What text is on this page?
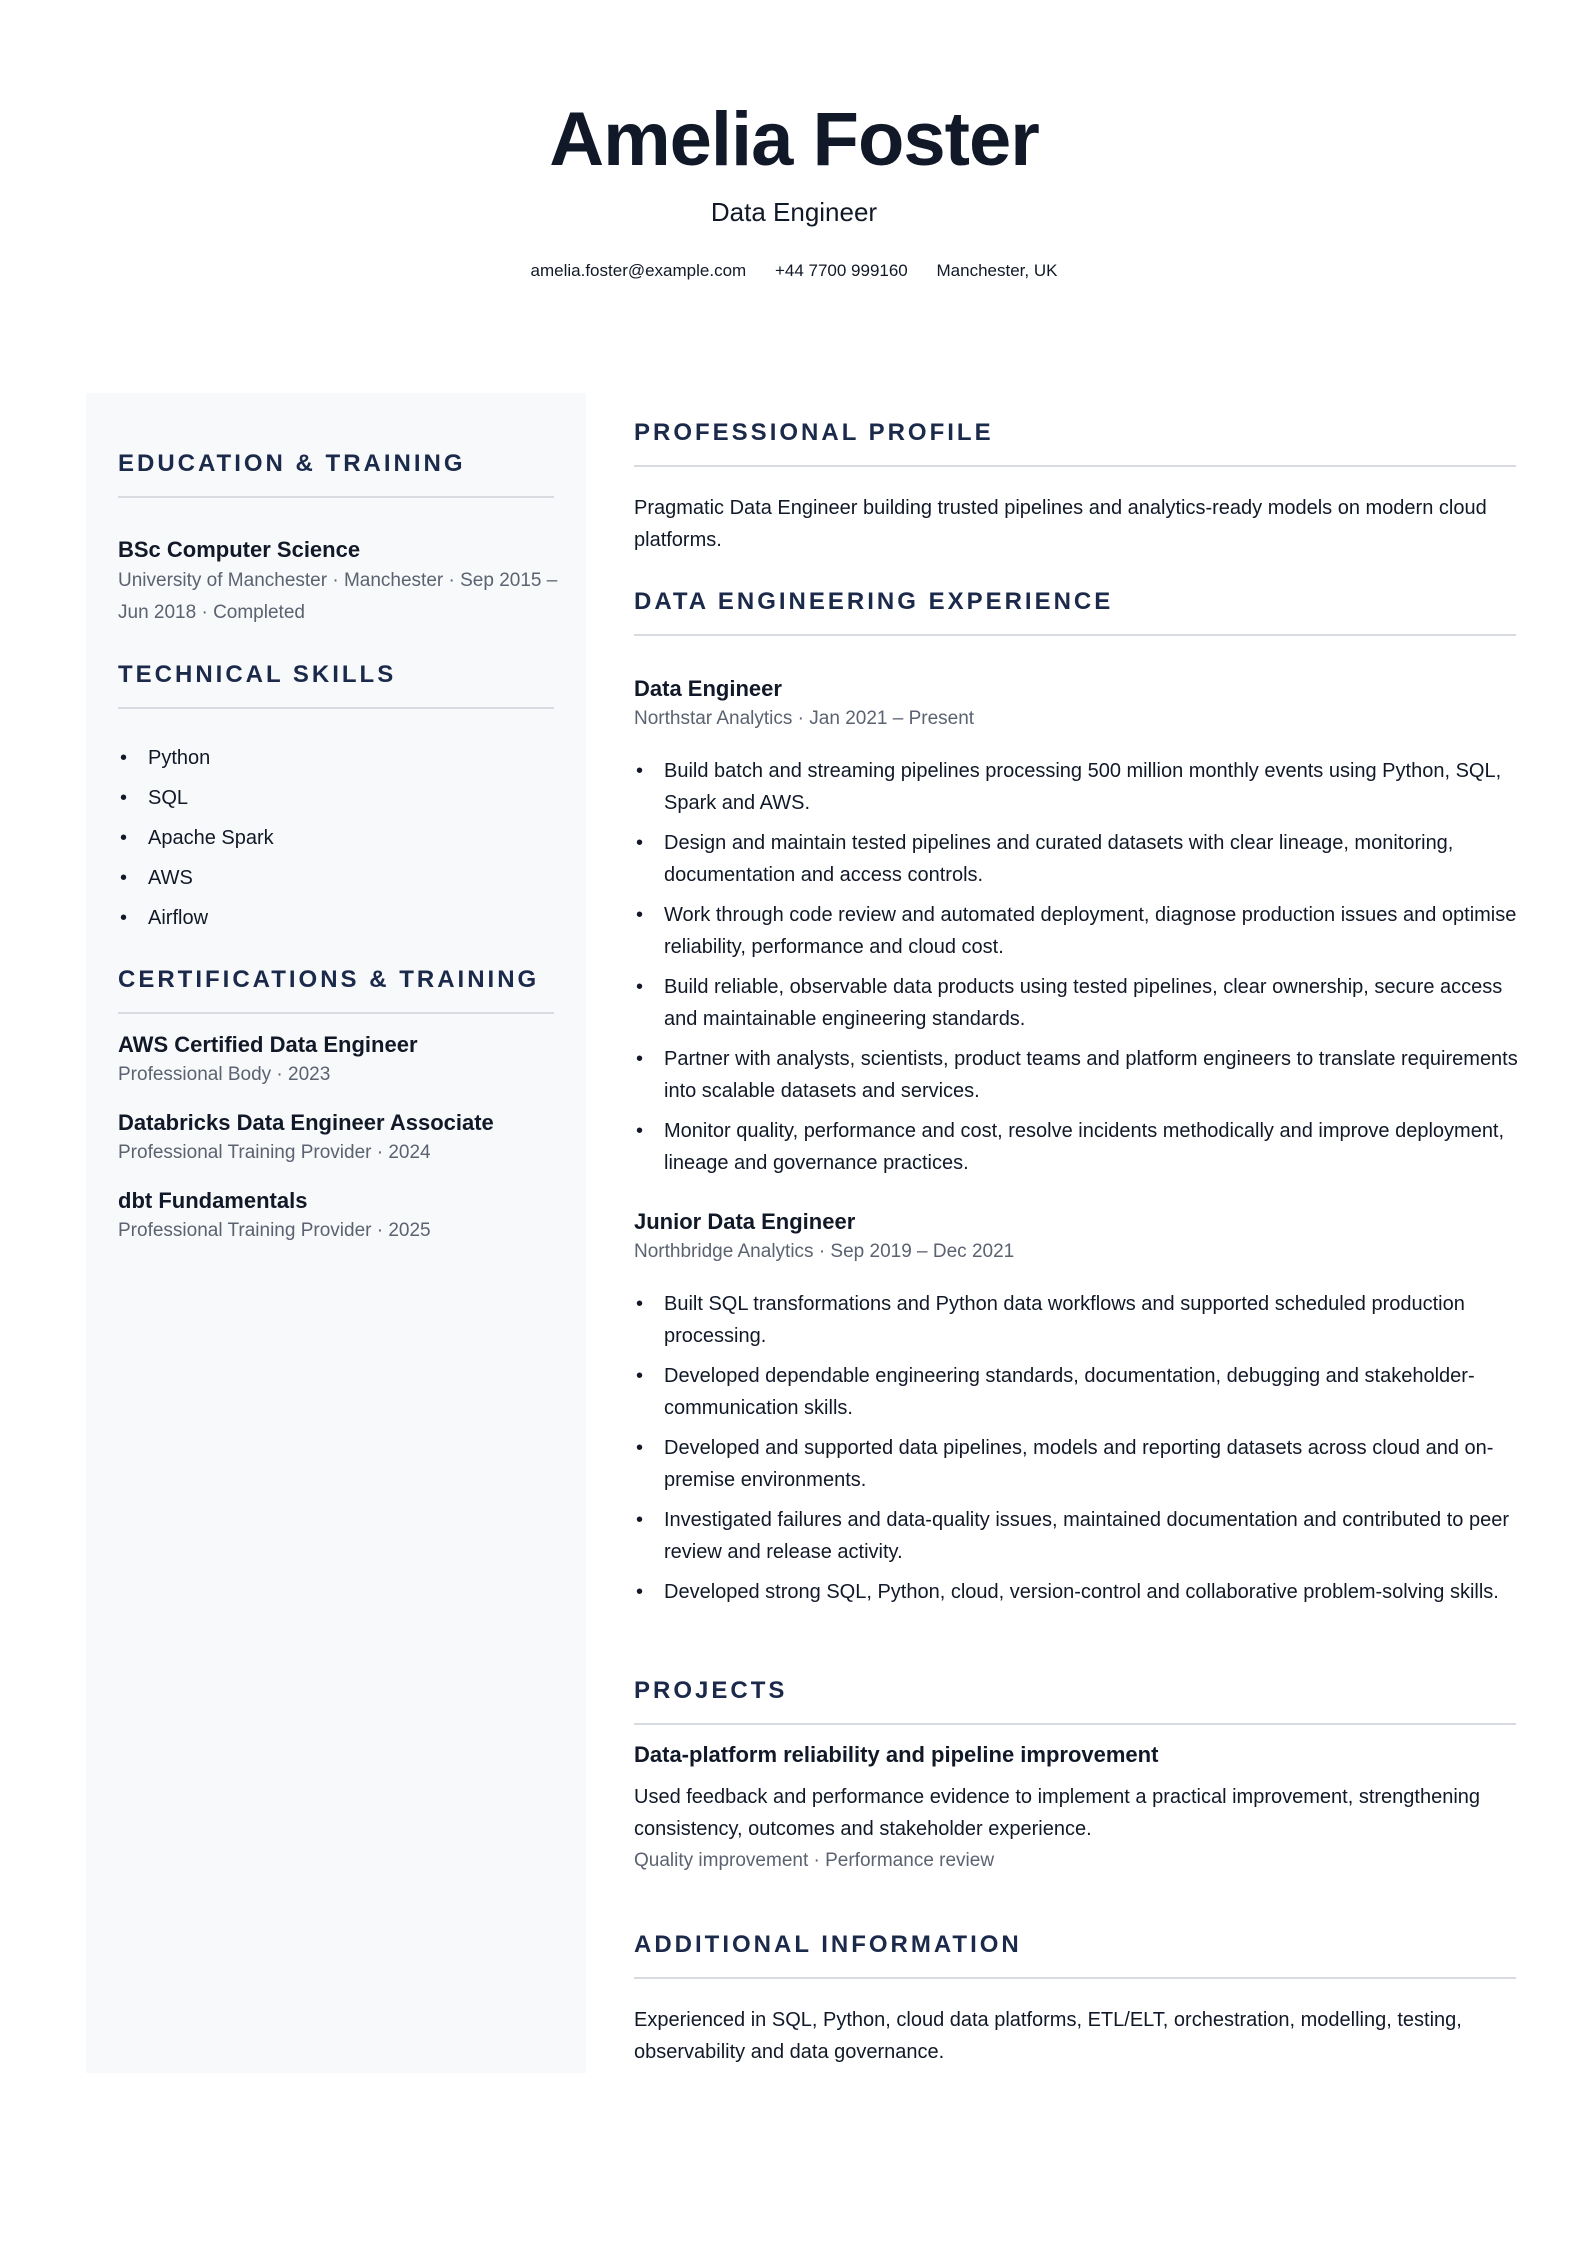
Amelia Foster
Data Engineer
amelia.foster@example.com +44 7700 999160 Manchester, UK
EDUCATION & TRAINING
BSc Computer Science
University of Manchester · Manchester · Sep 2015 – Jun 2018 · Completed
TECHNICAL SKILLS
• Python
• SQL
• Apache Spark
• AWS
• Airflow
CERTIFICATIONS & TRAINING
AWS Certified Data Engineer
Professional Body · 2023
Databricks Data Engineer Associate
Professional Training Provider · 2024
dbt Fundamentals
Professional Training Provider · 2025
PROFESSIONAL PROFILE
Pragmatic Data Engineer building trusted pipelines and analytics-ready models on modern cloud platforms.
DATA ENGINEERING EXPERIENCE
Data Engineer
Northstar Analytics · Jan 2021 – Present
• Build batch and streaming pipelines processing 500 million monthly events using Python, SQL, Spark and AWS.
• Design and maintain tested pipelines and curated datasets with clear lineage, monitoring, documentation and access controls.
• Work through code review and automated deployment, diagnose production issues and optimise reliability, performance and cloud cost.
• Build reliable, observable data products using tested pipelines, clear ownership, secure access and maintainable engineering standards.
• Partner with analysts, scientists, product teams and platform engineers to translate requirements into scalable datasets and services.
• Monitor quality, performance and cost, resolve incidents methodically and improve deployment, lineage and governance practices.
Junior Data Engineer
Northbridge Analytics · Sep 2019 – Dec 2021
• Built SQL transformations and Python data workflows and supported scheduled production processing.
• Developed dependable engineering standards, documentation, debugging and stakeholder-communication skills.
• Developed and supported data pipelines, models and reporting datasets across cloud and on-premise environments.
• Investigated failures and data-quality issues, maintained documentation and contributed to peer review and release activity.
• Developed strong SQL, Python, cloud, version-control and collaborative problem-solving skills.
PROJECTS
Data-platform reliability and pipeline improvement
Used feedback and performance evidence to implement a practical improvement, strengthening consistency, outcomes and stakeholder experience.
Quality improvement · Performance review
ADDITIONAL INFORMATION
Experienced in SQL, Python, cloud data platforms, ETL/ELT, orchestration, modelling, testing, observability and data governance.
